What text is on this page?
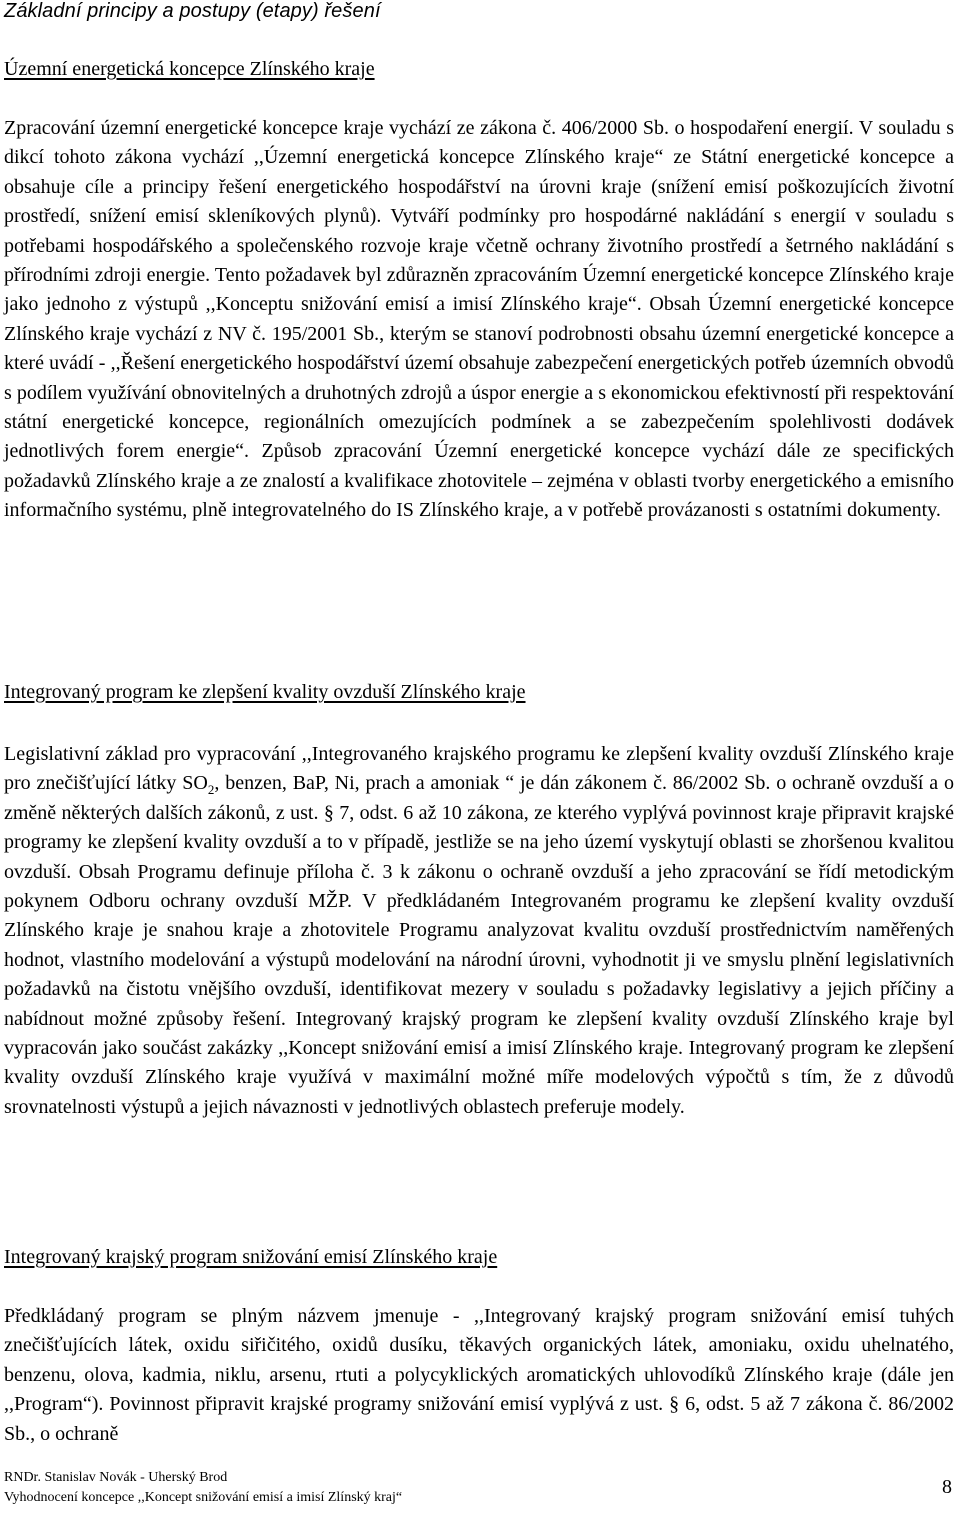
Základní principy a postupy (etapy) řešení
Územní energetická koncepce Zlínského kraje
Zpracování územní energetické koncepce kraje vychází ze zákona č. 406/2000 Sb. o hospodaření energií. V souladu s dikcí tohoto zákona vychází ,,Územní energetická koncepce Zlínského kraje“ ze Státní energetické koncepce a obsahuje cíle a principy řešení energetického hospodářství na úrovni kraje (snížení emisí poškozujících životní prostředí, snížení emisí skleníkových plynů). Vytváří podmínky pro hospodárné nakládání s energií v souladu s potřebami hospodářského a společenského rozvoje kraje včetně ochrany životního prostředí a šetrného nakládání s přírodními zdroji energie. Tento požadavek byl zdůrazněn zpracováním Územní energetické koncepce Zlínského kraje jako jednoho z výstupů ,,Konceptu snižování emisí a imisí Zlínského kraje“. Obsah Územní energetické koncepce Zlínského kraje vychází z NV č. 195/2001 Sb., kterým se stanoví podrobnosti obsahu územní energetické koncepce a které uvádí - ,,Řešení energetického hospodářství území obsahuje zabezpečení energetických potřeb územních obvodů s podílem využívání obnovitelných a druhotných zdrojů a úspor energie a s ekonomickou efektivností při respektování státní energetické koncepce, regionálních omezujících podmínek a se zabezpečením spolehlivosti dodávek jednotlivých forem energie“. Způsob zpracování Územní energetické koncepce vychází dále ze specifických požadavků Zlínského kraje a ze znalostí a kvalifikace zhotovitele – zejména v oblasti tvorby energetického a emisního informačního systému, plně integrovatelného do IS Zlínského kraje, a v potřebě provázanosti s ostatními dokumenty.
Integrovaný program ke zlepšení kvality ovzduší Zlínského kraje
Legislativní základ pro vypracování ,,Integrovaného krajského programu ke zlepšení kvality ovzduší Zlínského kraje pro znečišťující látky $SO_2$, benzen, BaP, Ni, prach a amoniak “ je dán zákonem č. 86/2002 Sb. o ochraně ovzduší a o změně některých dalších zákonů, z ust. § 7, odst. 6 až 10 zákona, ze kterého vyplývá povinnost kraje připravit krajské programy ke zlepšení kvality ovzduší a to v případě, jestliže se na jeho území vyskytují oblasti se zhoršenou kvalitou ovzduší. Obsah Programu definuje příloha č. 3 k zákonu o ochraně ovzduší a jeho zpracování se řídí metodickým pokynem Odboru ochrany ovzduší MŽP. V předkládaném Integrovaném programu ke zlepšení kvality ovzduší Zlínského kraje je snahou kraje a zhotovitele Programu analyzovat kvalitu ovzduší prostřednictvím naměřených hodnot, vlastního modelování a výstupů modelování na národní úrovni, vyhodnotit ji ve smyslu plnění legislativních požadavků na čistotu vnějšího ovzduší, identifikovat mezery v souladu s požadavky legislativy a jejich příčiny a nabídnout možné způsoby řešení. Integrovaný krajský program ke zlepšení kvality ovzduší Zlínského kraje byl vypracován jako součást zakázky ,,Koncept snižování emisí a imisí Zlínského kraje. Integrovaný program ke zlepšení kvality ovzduší Zlínského kraje využívá v maximální možné míře modelových výpočtů s tím, že z důvodů srovnatelnosti výstupů a jejich návaznosti v jednotlivých oblastech preferuje modely.
Integrovaný krajský program snižování emisí Zlínského kraje
Předkládaný program se plným názvem jmenuje - ,,Integrovaný krajský program snižování emisí tuhých znečišťujících látek, oxidu siřičitého, oxidů dusíku, těkavých organických látek, amoniaku, oxidu uhelnatého, benzenu, olova, kadmia, niklu, arsenu, rtuti a polycyklických aromatických uhlovodíků Zlínského kraje (dále jen ,,Program“). Povinnost připravit krajské programy snižování emisí vyplývá z ust. § 6, odst. 5 až 7 zákona č. 86/2002 Sb., o ochraně
RNDr. Stanislav Novák - Uherský Brod
Vyhodnocení koncepce ,,Koncept snižování emisí a imisí Zlínský kraj“	8
